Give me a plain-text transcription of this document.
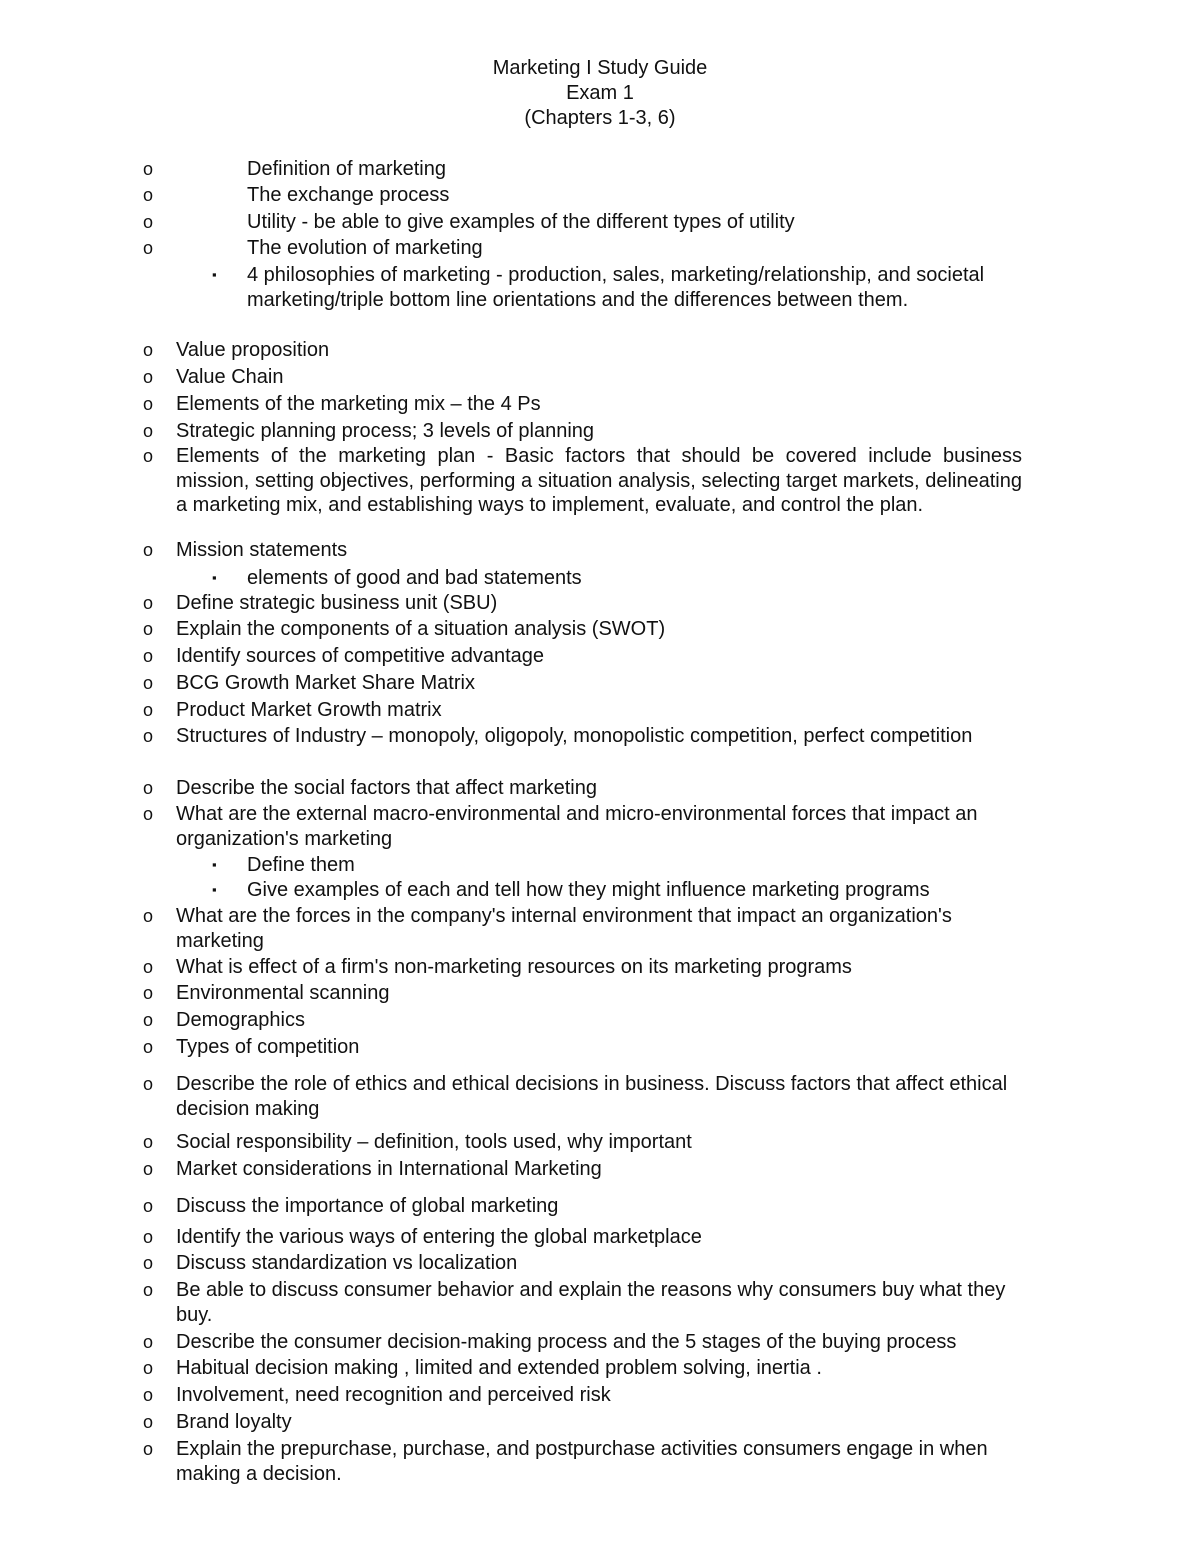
Marketing I Study Guide
Exam 1
(Chapters 1-3, 6)
o	Definition of marketing
o	The exchange process
o	Utility - be able to give examples of the different types of utility
o	The evolution of marketing
▪ 4 philosophies of marketing - production, sales, marketing/relationship, and societal marketing/triple bottom line orientations and the differences between them.
o Value proposition
o Value Chain
o Elements of the marketing mix – the 4 Ps
o Strategic planning process; 3 levels of planning
o Elements of the marketing plan - Basic factors that should be covered include business mission, setting objectives, performing a situation analysis, selecting target markets, delineating a marketing mix, and establishing ways to implement, evaluate, and control the plan.
o Mission statements
▪ elements of good and bad statements
o Define strategic business unit (SBU)
o Explain the components of a situation analysis (SWOT)
o Identify sources of competitive advantage
o BCG Growth Market Share Matrix
o Product Market Growth matrix
o Structures of Industry – monopoly, oligopoly, monopolistic competition, perfect competition
o Describe the social factors that affect marketing
o What are the external macro-environmental and micro-environmental forces that impact an organization's marketing
▪ Define them
▪ Give examples of each and tell how they might influence marketing programs
o What are the forces in the company's internal environment that impact an organization's marketing
o What is effect of a firm's non-marketing resources on its marketing programs
o Environmental scanning
o Demographics
o Types of competition
o Describe the role of ethics and ethical decisions in business. Discuss factors that affect ethical decision making
o Social responsibility – definition, tools used, why important
o Market considerations in International Marketing
o Discuss the importance of global marketing
o Identify the various ways of entering the global marketplace
o Discuss standardization vs localization
o Be able to discuss consumer behavior and explain the reasons why consumers buy what they buy.
o Describe the consumer decision-making process and the 5 stages of the buying process
o Habitual decision making , limited and extended problem solving, inertia .
o Involvement, need recognition and perceived risk
o Brand loyalty
o Explain the prepurchase, purchase, and postpurchase activities consumers engage in when making a decision.
